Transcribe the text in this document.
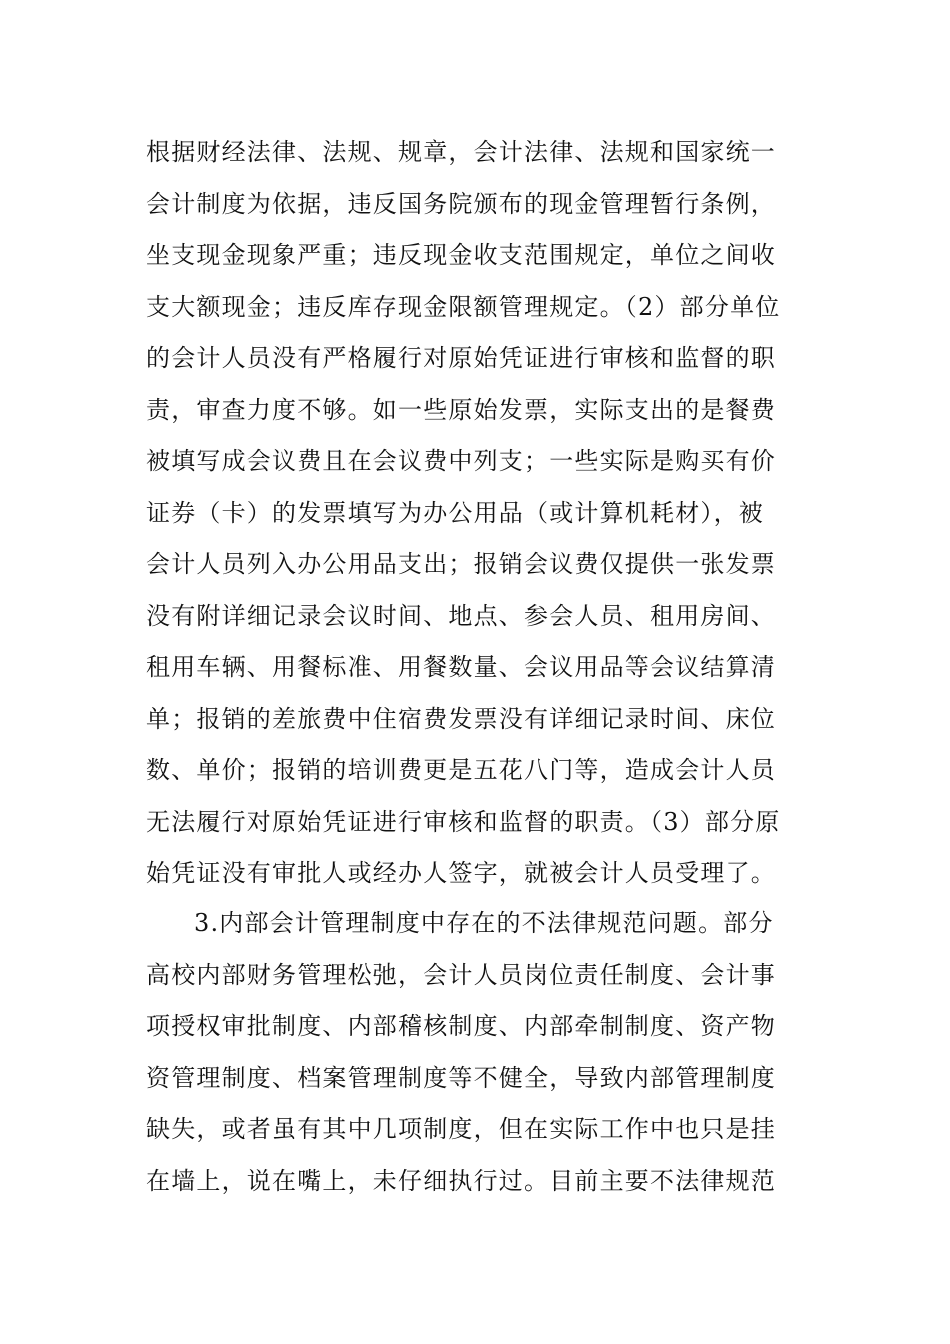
根据财经法律、法规、规章，会计法律、法规和国家统一
会计制度为依据，违反国务院颁布的现金管理暂行条例，
坐支现金现象严重；违反现金收支范围规定，单位之间收
支大额现金；违反库存现金限额管理规定。（2）部分单位
的会计人员没有严格履行对原始凭证进行审核和监督的职
责，审查力度不够。如一些原始发票，实际支出的是餐费
被填写成会议费且在会议费中列支；一些实际是购买有价
证券（卡）的发票填写为办公用品（或计算机耗材），被
会计人员列入办公用品支出；报销会议费仅提供一张发票
没有附详细记录会议时间、地点、参会人员、租用房间、
租用车辆、用餐标准、用餐数量、会议用品等会议结算清
单；报销的差旅费中住宿费发票没有详细记录时间、床位
数、单价；报销的培训费更是五花八门等，造成会计人员
无法履行对原始凭证进行审核和监督的职责。（3）部分原
始凭证没有审批人或经办人签字，就被会计人员受理了。
3.内部会计管理制度中存在的不法律规范问题。部分
高校内部财务管理松弛，会计人员岗位责任制度、会计事
项授权审批制度、内部稽核制度、内部牵制制度、资产物
资管理制度、档案管理制度等不健全，导致内部管理制度
缺失，或者虽有其中几项制度，但在实际工作中也只是挂
在墙上，说在嘴上，未仔细执行过。目前主要不法律规范
